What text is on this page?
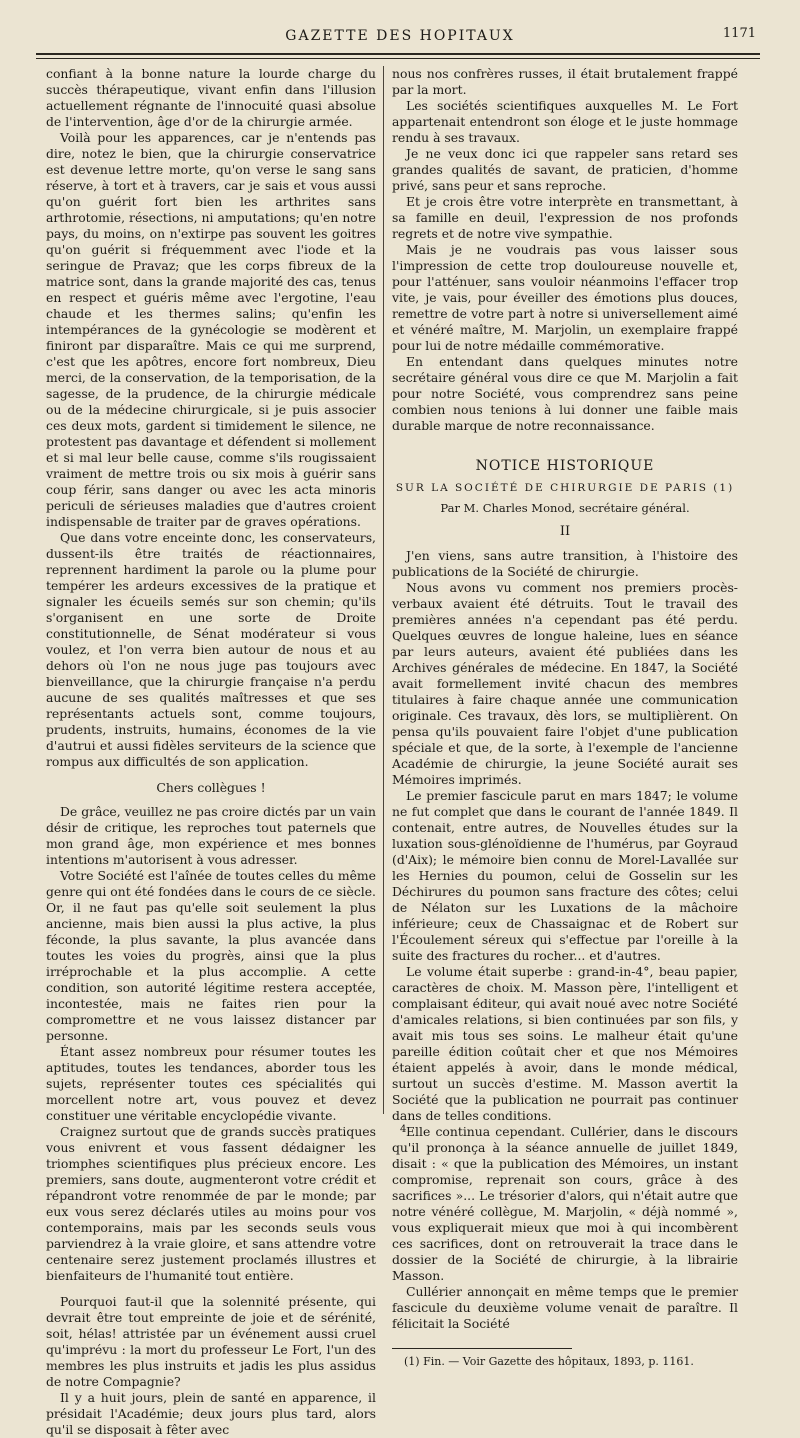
GAZETTE DES HOPITAUX	1171

confiant à la bonne nature la lourde charge du succès thérapeutique, vivant enfin dans l'illusion actuellement régnante de l'innocuité quasi absolue de l'intervention, âge d'or de la chirurgie armée.

Voilà pour les apparences, car je n'entends pas dire, notez le bien, que la chirurgie conservatrice est devenue lettre morte, qu'on verse le sang sans réserve, à tort et à travers, car je sais et vous aussi qu'on guérit fort bien les arthrites sans arthrotomie, résections, ni amputations; qu'en notre pays, du moins, on n'extirpe pas souvent les goitres qu'on guérit si fréquemment avec l'iode et la seringue de Pravaz; que les corps fibreux de la matrice sont, dans la grande majorité des cas, tenus en respect et guéris même avec l'ergotine, l'eau chaude et les thermes salins; qu'enfin les intempérances de la gynécologie se modèrent et finiront par disparaître. Mais ce qui me surprend, c'est que les apôtres, encore fort nombreux, Dieu merci, de la conservation, de la temporisation, de la sagesse, de la prudence, de la chirurgie médicale ou de la médecine chirurgicale, si je puis associer ces deux mots, gardent si timidement le silence, ne protestent pas davantage et défendent si mollement et si mal leur belle cause, comme s'ils rougissaient vraiment de mettre trois ou six mois à guérir sans coup férir, sans danger ou avec les acta minoris periculi de sérieuses maladies que d'autres croient indispensable de traiter par de graves opérations.

Que dans votre enceinte donc, les conservateurs, dussent-ils être traités de réactionnaires, reprennent hardiment la parole ou la plume pour tempérer les ardeurs excessives de la pratique et signaler les écueils semés sur son chemin; qu'ils s'organisent en une sorte de Droite constitutionnelle, de Sénat modérateur si vous voulez, et l'on verra bien autour de nous et au dehors où l'on ne nous juge pas toujours avec bienveillance, que la chirurgie française n'a perdu aucune de ses qualités maîtresses et que ses représentants actuels sont, comme toujours, prudents, instruits, humains, économes de la vie d'autrui et aussi fidèles serviteurs de la science que rompus aux difficultés de son application.

Chers collègues !

De grâce, veuillez ne pas croire dictés par un vain désir de critique, les reproches tout paternels que mon grand âge, mon expérience et mes bonnes intentions m'autorisent à vous adresser.

Votre Société est l'aînée de toutes celles du même genre qui ont été fondées dans le cours de ce siècle. Or, il ne faut pas qu'elle soit seulement la plus ancienne, mais bien aussi la plus active, la plus féconde, la plus savante, la plus avancée dans toutes les voies du progrès, ainsi que la plus irréprochable et la plus accomplie. A cette condition, son autorité légitime restera acceptée, incontestée, mais ne faites rien pour la compromettre et ne vous laissez distancer par personne.

Étant assez nombreux pour résumer toutes les aptitudes, toutes les tendances, aborder tous les sujets, représenter toutes ces spécialités qui morcellent notre art, vous pouvez et devez constituer une véritable encyclopédie vivante.

Craignez surtout que de grands succès pratiques vous enivrent et vous fassent dédaigner les triomphes scientifiques plus précieux encore. Les premiers, sans doute, augmenteront votre crédit et répandront votre renommée de par le monde; par eux vous serez déclarés utiles au moins pour vos contemporains, mais par les seconds seuls vous parviendrez à la vraie gloire, et sans attendre votre centenaire serez justement proclamés illustres et bienfaiteurs de l'humanité tout entière.

Pourquoi faut-il que la solennité présente, qui devrait être tout empreinte de joie et de sérénité, soit, hélas! attristée par un événement aussi cruel qu'imprévu : la mort du professeur Le Fort, l'un des membres les plus instruits et jadis les plus assidus de notre Compagnie?

Il y a huit jours, plein de santé en apparence, il présidait l'Académie; deux jours plus tard, alors qu'il se disposait à fêter avec

nous nos confrères russes, il était brutalement frappé par la mort.

Les sociétés scientifiques auxquelles M. Le Fort appartenait entendront son éloge et le juste hommage rendu à ses travaux.

Je ne veux donc ici que rappeler sans retard ses grandes qualités de savant, de praticien, d'homme privé, sans peur et sans reproche.

Et je crois être votre interprète en transmettant, à sa famille en deuil, l'expression de nos profonds regrets et de notre vive sympathie.

Mais je ne voudrais pas vous laisser sous l'impression de cette trop douloureuse nouvelle et, pour l'atténuer, sans vouloir néanmoins l'effacer trop vite, je vais, pour éveiller des émotions plus douces, remettre de votre part à notre si universellement aimé et vénéré maître, M. Marjolin, un exemplaire frappé pour lui de notre médaille commémorative.

En entendant dans quelques minutes notre secrétaire général vous dire ce que M. Marjolin a fait pour notre Société, vous comprendrez sans peine combien nous tenions à lui donner une faible mais durable marque de notre reconnaissance.

NOTICE HISTORIQUE
SUR LA SOCIÉTÉ DE CHIRURGIE DE PARIS (1)
Par M. Charles Monod, secrétaire général.
II

J'en viens, sans autre transition, à l'histoire des publications de la Société de chirurgie.

Nous avons vu comment nos premiers procès-verbaux avaient été détruits. Tout le travail des premières années n'a cependant pas été perdu. Quelques œuvres de longue haleine, lues en séance par leurs auteurs, avaient été publiées dans les Archives générales de médecine. En 1847, la Société avait formellement invité chacun des membres titulaires à faire chaque année une communication originale. Ces travaux, dès lors, se multiplièrent. On pensa qu'ils pouvaient faire l'objet d'une publication spéciale et que, de la sorte, à l'exemple de l'ancienne Académie de chirurgie, la jeune Société aurait ses Mémoires imprimés.

Le premier fascicule parut en mars 1847; le volume ne fut complet que dans le courant de l'année 1849. Il contenait, entre autres, de Nouvelles études sur la luxation sous-glénoïdienne de l'humérus, par Goyraud (d'Aix); le mémoire bien connu de Morel-Lavallée sur les Hernies du poumon, celui de Gosselin sur les Déchirures du poumon sans fracture des côtes; celui de Nélaton sur les Luxations de la mâchoire inférieure; ceux de Chassaignac et de Robert sur l'Écoulement séreux qui s'effectue par l'oreille à la suite des fractures du rocher... et d'autres.

Le volume était superbe : grand-in-4°, beau papier, caractères de choix. M. Masson père, l'intelligent et complaisant éditeur, qui avait noué avec notre Société d'amicales relations, si bien continuées par son fils, y avait mis tous ses soins. Le malheur était qu'une pareille édition coûtait cher et que nos Mémoires étaient appelés à avoir, dans le monde médical, surtout un succès d'estime. M. Masson avertit la Société que la publication ne pourrait pas continuer dans de telles conditions.

Elle continua cependant. Cullérier, dans le discours qu'il prononça à la séance annuelle de juillet 1849, disait : « que la publication des Mémoires, un instant compromise, reprenait son cours, grâce à des sacrifices »... Le trésorier d'alors, qui n'était autre que notre vénéré collègue, M. Marjolin, « déjà nommé », vous expliquerait mieux que moi à qui incombèrent ces sacrifices, dont on retrouverait la trace dans le dossier de la Société de chirurgie, à la librairie Masson.

Cullérier annonçait en même temps que le premier fascicule du deuxième volume venait de paraître. Il félicitait la Société

(1) Fin. — Voir Gazette des hôpitaux, 1893, p. 1161.

4
